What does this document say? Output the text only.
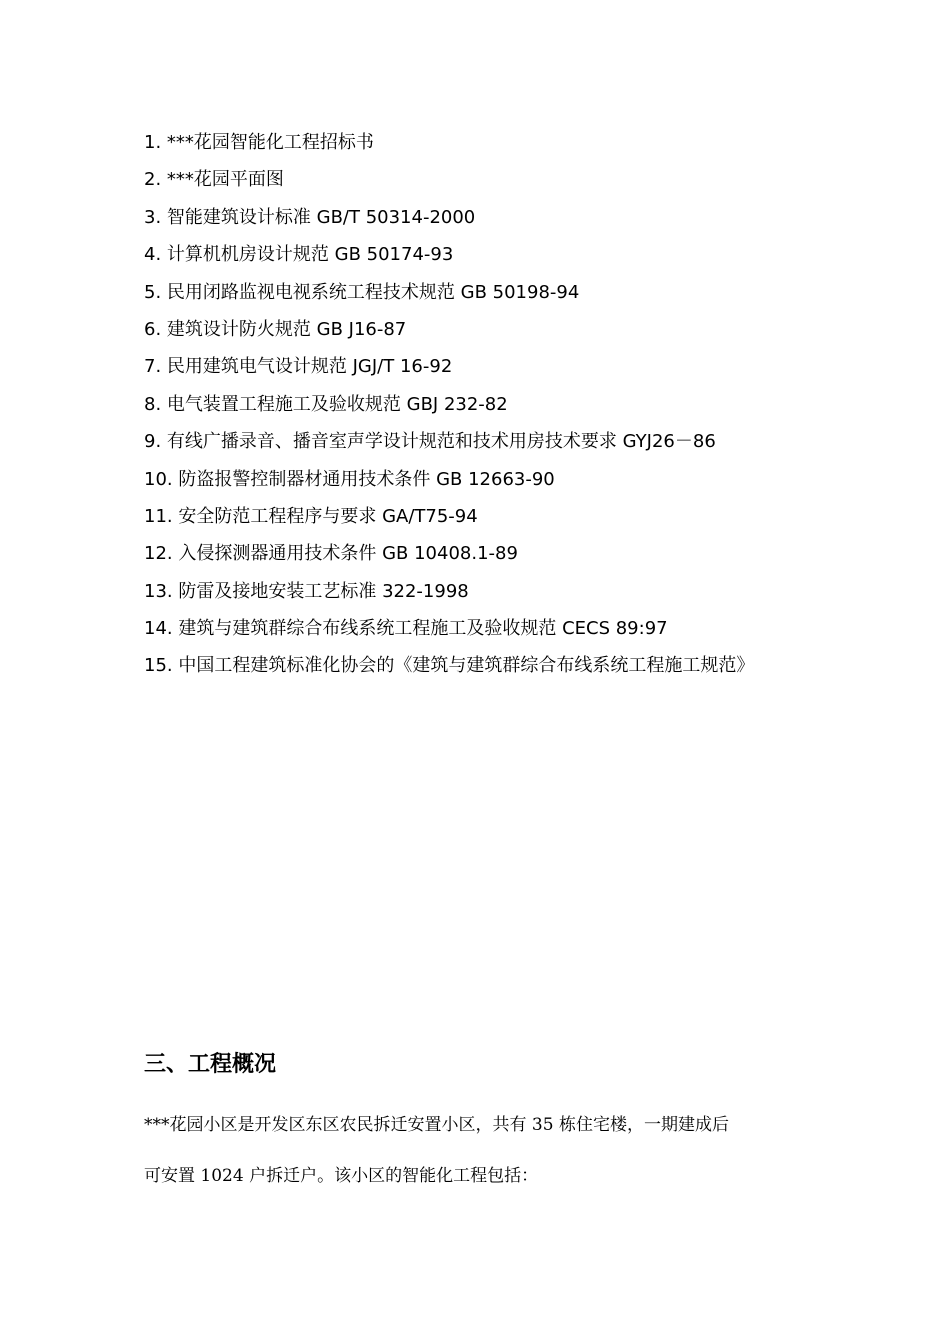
1. ***花园智能化工程招标书
2. ***花园平面图
3. 智能建筑设计标准 GB/T 50314-2000
4. 计算机机房设计规范 GB 50174-93
5. 民用闭路监视电视系统工程技术规范 GB 50198-94
6. 建筑设计防火规范 GB J16-87
7. 民用建筑电气设计规范 JGJ/T 16-92
8. 电气装置工程施工及验收规范 GBJ 232-82
9. 有线广播录音、播音室声学设计规范和技术用房技术要求 GYJ26－86
10. 防盗报警控制器材通用技术条件 GB 12663-90
11. 安全防范工程程序与要求 GA/T75-94
12. 入侵探测器通用技术条件 GB 10408.1-89
13. 防雷及接地安装工艺标准 322-1998
14. 建筑与建筑群综合布线系统工程施工及验收规范 CECS 89:97
15. 中国工程建筑标准化协会的《建筑与建筑群综合布线系统工程施工规范》
三、工程概况
***花园小区是开发区东区农民拆迁安置小区，共有 35 栋住宅楼，一期建成后
可安置 1024 户拆迁户。该小区的智能化工程包括：
